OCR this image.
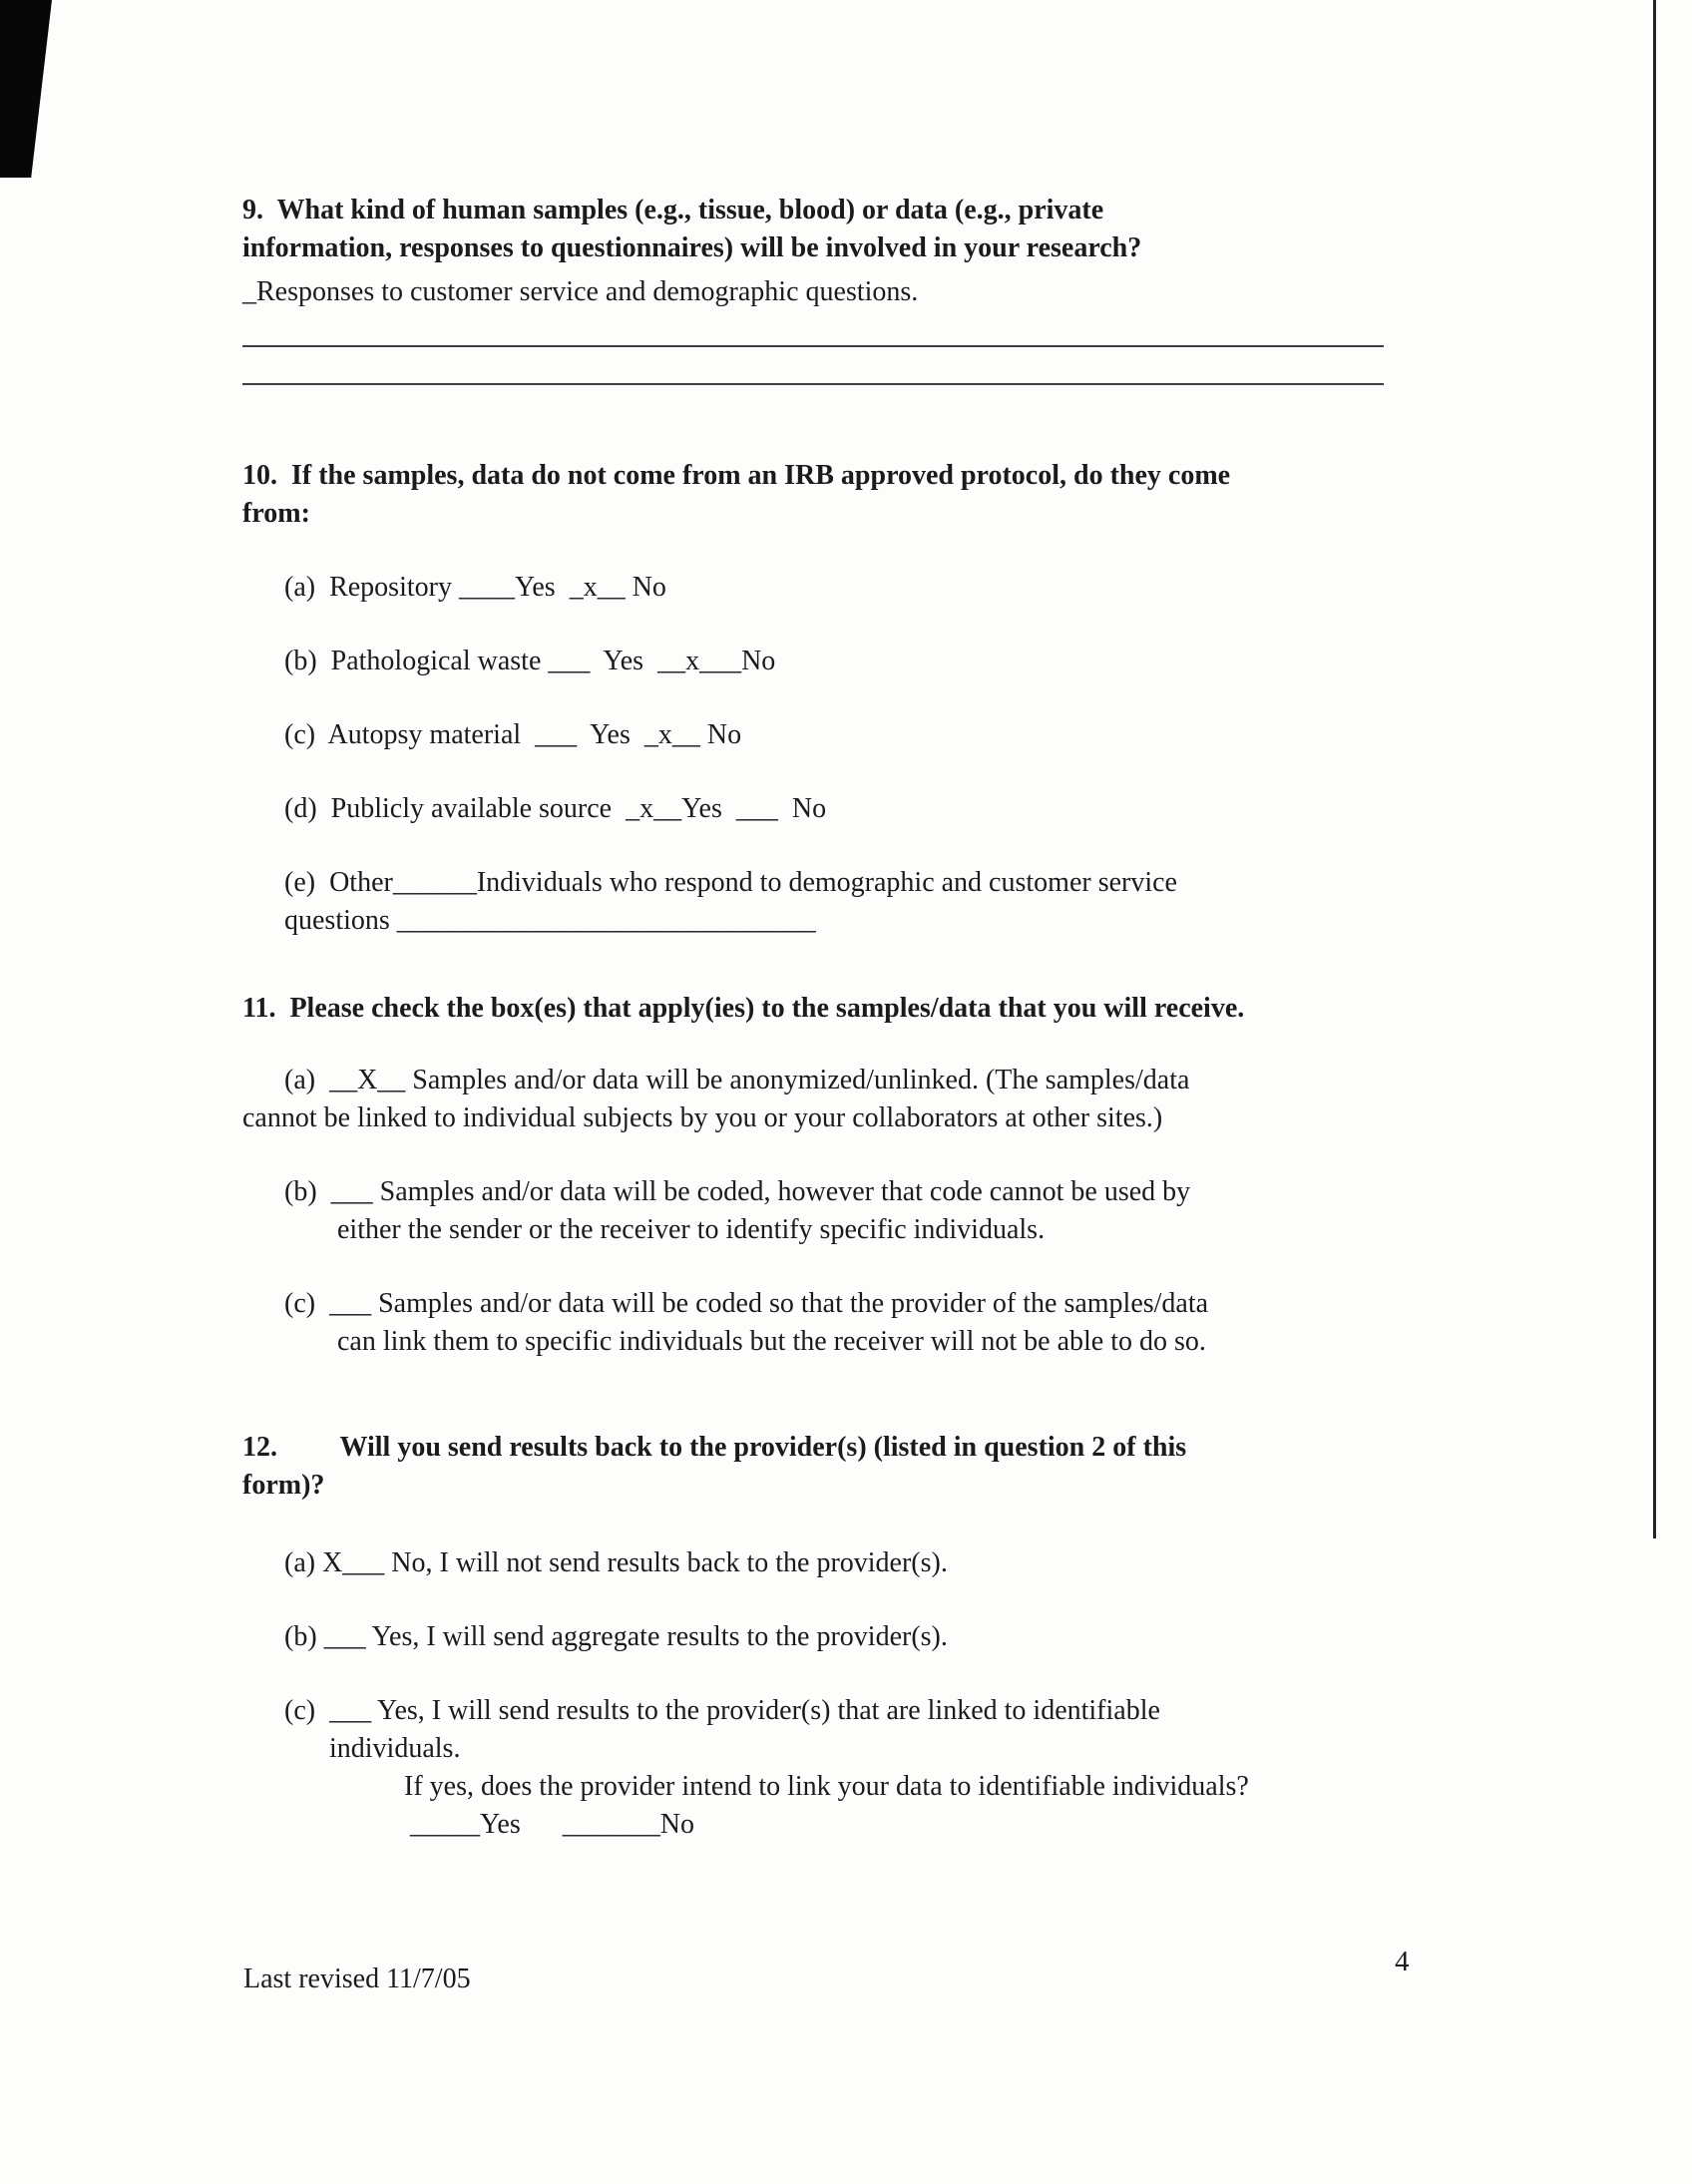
9.  What kind of human samples (e.g., tissue, blood) or data (e.g., private
information, responses to questionnaires) will be involved in your research?
_Responses to customer service and demographic questions.
10.  If the samples, data do not come from an IRB approved protocol, do they come
from:
(a)  Repository ____Yes  _x__ No
(b)  Pathological waste ___  Yes  __x___No
(c)  Autopsy material  ___  Yes  _x__ No
(d)  Publicly available source  _x__Yes  ___  No
(e)  Other______Individuals who respond to demographic and customer service
questions ______________________________
11.  Please check the box(es) that apply(ies) to the samples/data that you will receive.
(a)  __X__ Samples and/or data will be anonymized/unlinked. (The samples/data
cannot be linked to individual subjects by you or your collaborators at other sites.)
(b)  ___ Samples and/or data will be coded, however that code cannot be used by
either the sender or the receiver to identify specific individuals.
(c)  ___ Samples and/or data will be coded so that the provider of the samples/data
can link them to specific individuals but the receiver will not be able to do so.
12.         Will you send results back to the provider(s) (listed in question 2 of this
form)?
(a) X___ No, I will not send results back to the provider(s).
(b) ___ Yes, I will send aggregate results to the provider(s).
(c)  ___ Yes, I will send results to the provider(s) that are linked to identifiable
individuals.
If yes, does the provider intend to link your data to identifiable individuals?
_____Yes      _______No
Last revised 11/7/05
4
